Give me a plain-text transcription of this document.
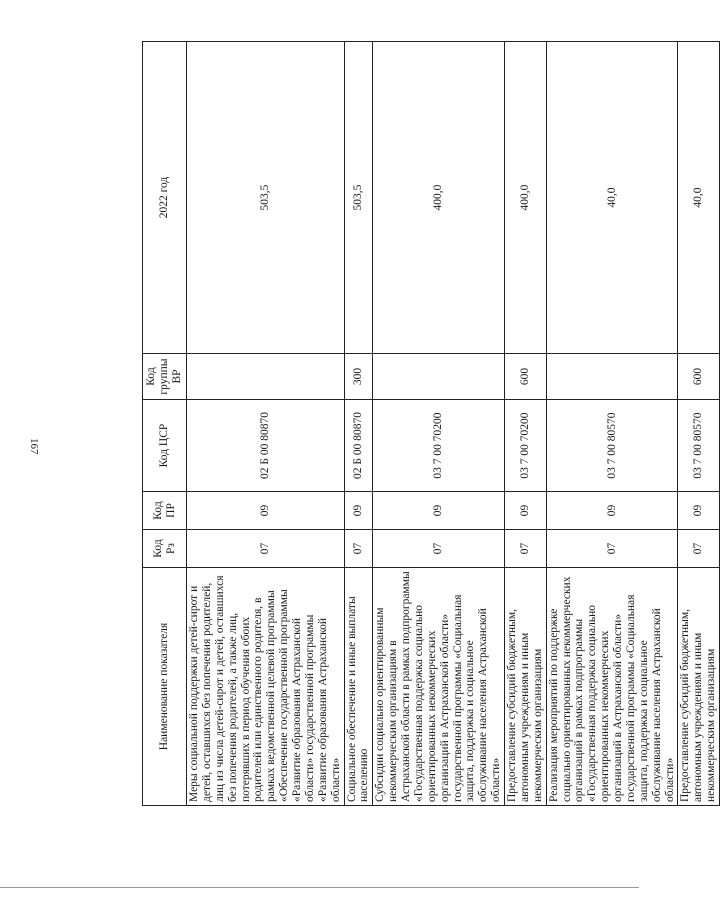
167
Наименование показателя	Код Рз	Код ПР	Код ЦСР	Код группы ВР	2022 год
Меры социальной поддержки детей-сирот и детей, оставшихся без попечения родителей, лиц из числа детей-сирот и детей, оставшихся без попечения родителей, а также лиц, потерявших в период обучения обоих родителей или единственного родителя, в рамках ведомственной целевой программы «Обеспечение государственной программы «Развитие образования Астраханской области» государственной программы «Развитие образования Астраханской области»	07	09	02 Б 00 80870		503,5
Социальное обеспечение и иные выплаты населению	07	09	02 Б 00 80870	300	503,5
Субсидии социально ориентированным некоммерческим организациям в Астраханской области в рамках подпрограммы «Государственная поддержка социально ориентированных некоммерческих организаций в Астраханской области» государственной программы «Социальная защита, поддержка и социальное обслуживание населения Астраханской области»	07	09	03 7 00 70200		400,0
Предоставление субсидий бюджетным, автономным учреждениям и иным некоммерческим организациям	07	09	03 7 00 70200	600	400,0
Реализация мероприятий по поддержке социально ориентированных некоммерческих организаций в рамках подпрограммы «Государственная поддержка социально ориентированных некоммерческих организаций в Астраханской области» государственной программы «Социальная защита, поддержка и социальное обслуживание населения Астраханской области»	07	09	03 7 00 80570		40,0
Предоставление субсидий бюджетным, автономным учреждениям и иным некоммерческим организациям	07	09	03 7 00 80570	600	40,0
